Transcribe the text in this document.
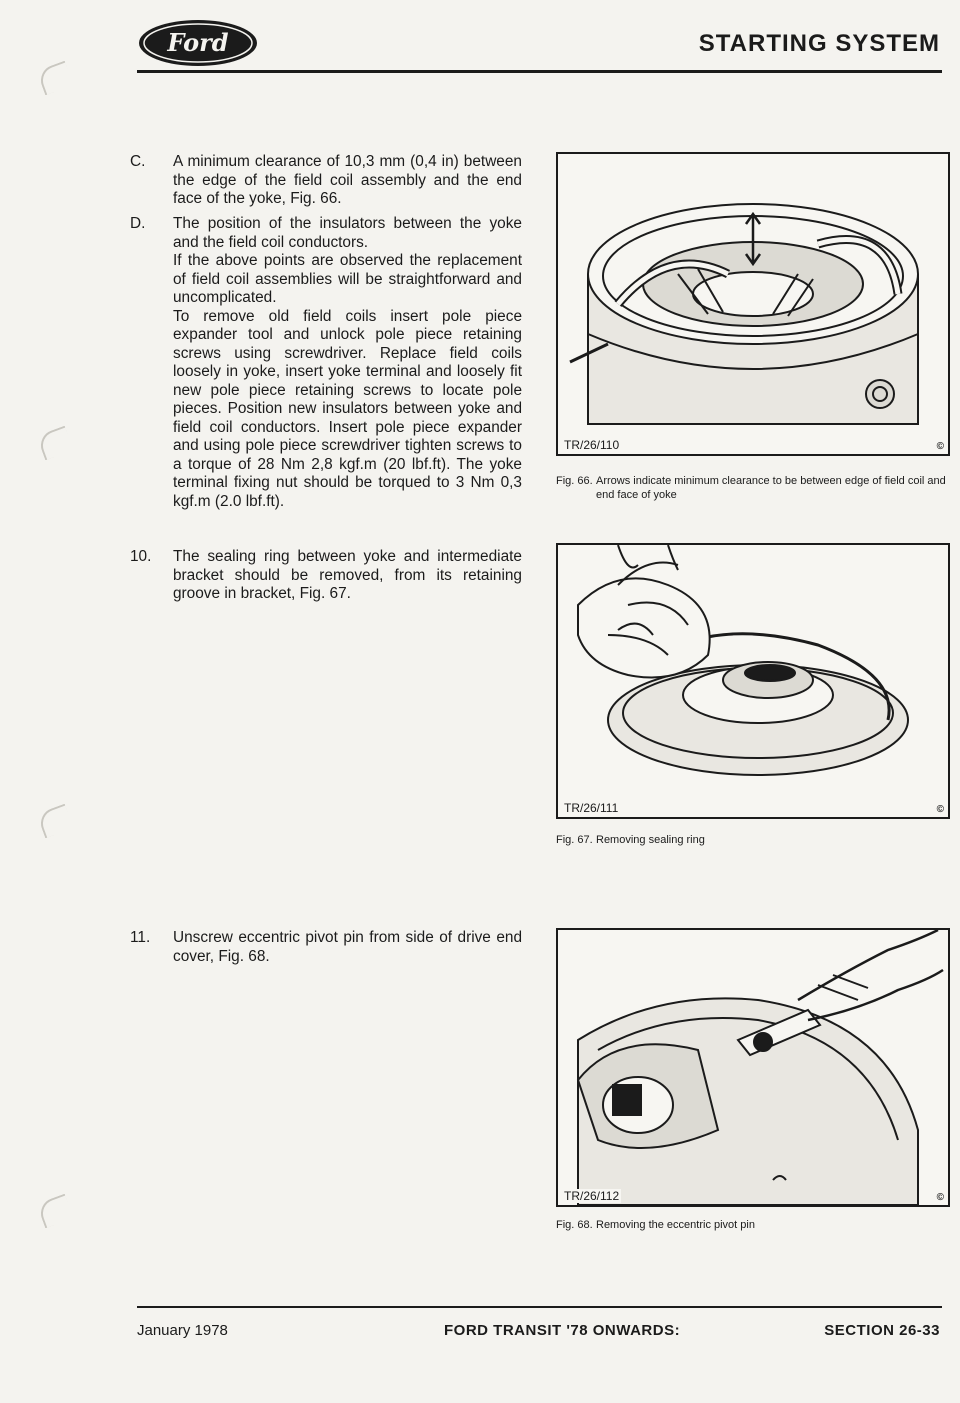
Ford	STARTING SYSTEM
C.	A minimum clearance of 10,3 mm (0,4 in) between the edge of the field coil assembly and the end face of the yoke, Fig. 66.

D.	The position of the insulators between the yoke and the field coil conductors.

If the above points are observed the replacement of field coil assemblies will be straightforward and uncomplicated.

To remove old field coils insert pole piece expander tool and unlock pole piece retaining screws using screwdriver. Replace field coils loosely in yoke, insert yoke terminal and loosely fit new pole piece retaining screws to locate pole pieces. Position new insulators between yoke and field coil conductors. Insert pole piece expander and using pole piece screwdriver tighten screws to a torque of 28 Nm 2,8 kgf.m (20 lbf.ft). The yoke terminal fixing nut should be torqued to 3 Nm 0,3 kgf.m (2.0 lbf.ft).

10.	The sealing ring between yoke and intermediate bracket should be removed, from its retaining groove in bracket, Fig. 67.

11.	Unscrew eccentric pivot pin from side of drive end cover, Fig. 68.

TR/26/110	©
Fig. 66. Arrows indicate minimum clearance to be between edge of field coil and end face of yoke
TR/26/111	©
Fig. 67. Removing sealing ring
TR/26/112	©
Fig. 68. Removing the eccentric pivot pin
January 1978	FORD TRANSIT '78 ONWARDS:	SECTION 26-33
